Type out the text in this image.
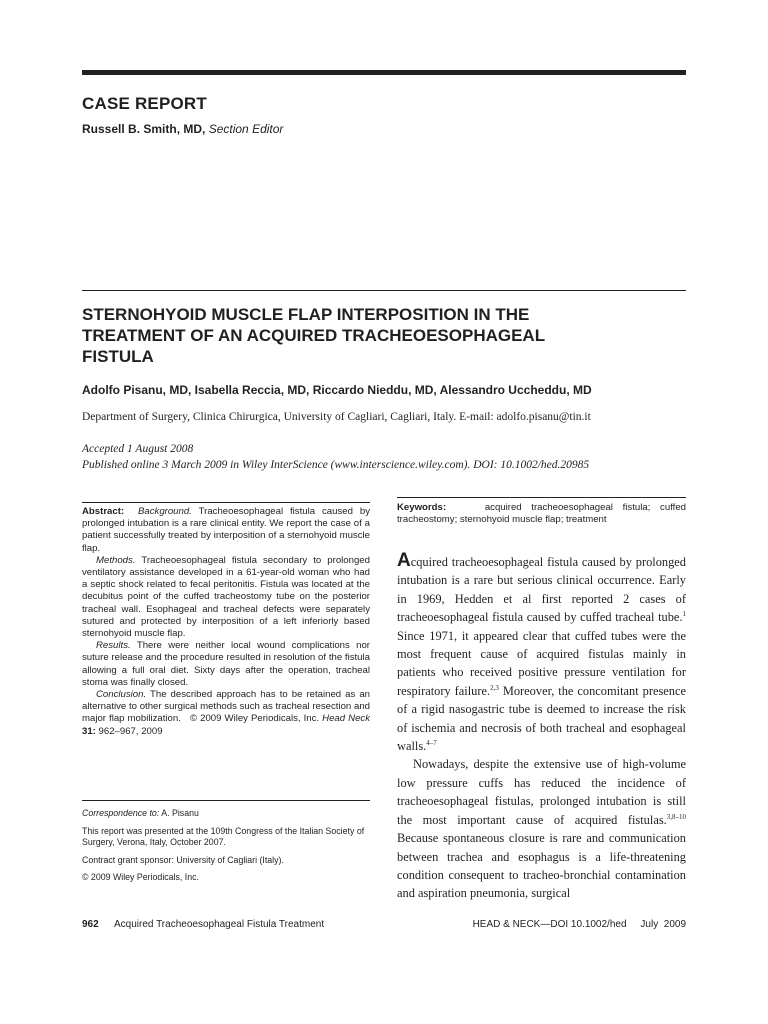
CASE REPORT
Russell B. Smith, MD, Section Editor
STERNOHYOID MUSCLE FLAP INTERPOSITION IN THE
TREATMENT OF AN ACQUIRED TRACHEOESOPHAGEAL
FISTULA
Adolfo Pisanu, MD, Isabella Reccia, MD, Riccardo Nieddu, MD, Alessandro Uccheddu, MD
Department of Surgery, Clinica Chirurgica, University of Cagliari, Cagliari, Italy. E-mail: adolfo.pisanu@tin.it
Accepted 1 August 2008
Published online 3 March 2009 in Wiley InterScience (www.interscience.wiley.com). DOI: 10.1002/hed.20985

Abstract: Background. Tracheoesophageal fistula caused by prolonged intubation is a rare clinical entity. We report the case of a patient successfully treated by interposition of a sternohyoid muscle flap.

Methods. Tracheoesophageal fistula secondary to prolonged ventilatory assistance developed in a 61-year-old woman who had a septic shock related to fecal peritonitis. Fistula was located at the decubitus point of the cuffed tracheostomy tube on the posterior tracheal wall. Esophageal and tracheal defects were separately sutured and protected by interposition of a left inferiorly based sternohyoid muscle flap.

Results. There were neither local wound complications nor suture release and the procedure resulted in resolution of the fistula allowing a full oral diet. Sixty days after the operation, tracheal stoma was finally closed.

Conclusion. The described approach has to be retained as an alternative to other surgical methods such as tracheal resection and major flap mobilization. © 2009 Wiley Periodicals, Inc. Head Neck 31: 962–967, 2009

Keywords:	acquired tracheoesophageal fistula; cuffed tracheostomy; sternohyoid muscle flap; treatment

Correspondence to: A. Pisanu

This report was presented at the 109th Congress of the Italian Society of Surgery, Verona, Italy, October 2007.

Contract grant sponsor: University of Cagliari (Italy).

© 2009 Wiley Periodicals, Inc.

Acquired tracheoesophageal fistula caused by prolonged intubation is a rare but serious clinical occurrence. Early in 1969, Hedden et al first reported 2 cases of tracheoesophageal fistula caused by cuffed tracheal tube.$^1$ Since 1971, it appeared clear that cuffed tubes were the most frequent cause of acquired fistulas mainly in patients who received positive pressure ventilation for respiratory failure.$^{2,3}$ Moreover, the concomitant presence of a rigid nasogastric tube is deemed to increase the risk of ischemia and necrosis of both tracheal and esophageal walls.$^{4-7}$

Nowadays, despite the extensive use of high-volume low pressure cuffs has reduced the incidence of tracheoesophageal fistulas, prolonged intubation is still the most important cause of acquired fistulas.$^{3,8-10}$ Because spontaneous closure is rare and communication between trachea and esophagus is a life-threatening condition consequent to tracheo-bronchial contamination and aspiration pneumonia, surgical

962 Acquired Tracheoesophageal Fistula Treatment	HEAD & NECK—DOI 10.1002/hed     July  2009
